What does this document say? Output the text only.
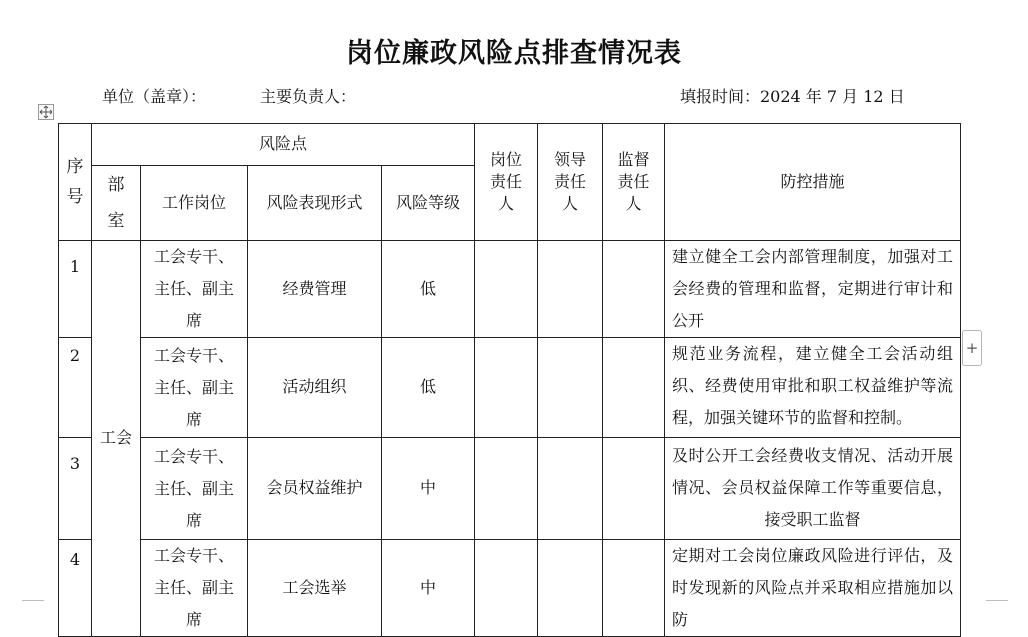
岗位廉政风险点排查情况表
单位（盖章）：	主要负责人：	填报时间：2024 年 7 月 12 日
序号	风险点				岗位责任人	领导责任人	监督责任人	防控措施
	部室	工作岗位	风险表现形式	风险等级				
1	工会	工会专干、主任、副主席	经费管理	低				建立健全工会内部管理制度，加强对工会经费的管理和监督，定期进行审计和公开

2		工会专干、主任、副主席	活动组织	低				规范业务流程，建立健全工会活动组织、经费使用审批和职工权益维护等流程，加强关键环节的监督和控制。

3		工会专干、主任、副主席	会员权益维护	中				及时公开工会经费收支情况、活动开展情况、会员权益保障工作等重要信息，接受职工监督

4		工会专干、主任、副主席	工会选举	中				定期对工会岗位廉政风险进行评估，及时发现新的风险点并采取相应措施加以防
+
